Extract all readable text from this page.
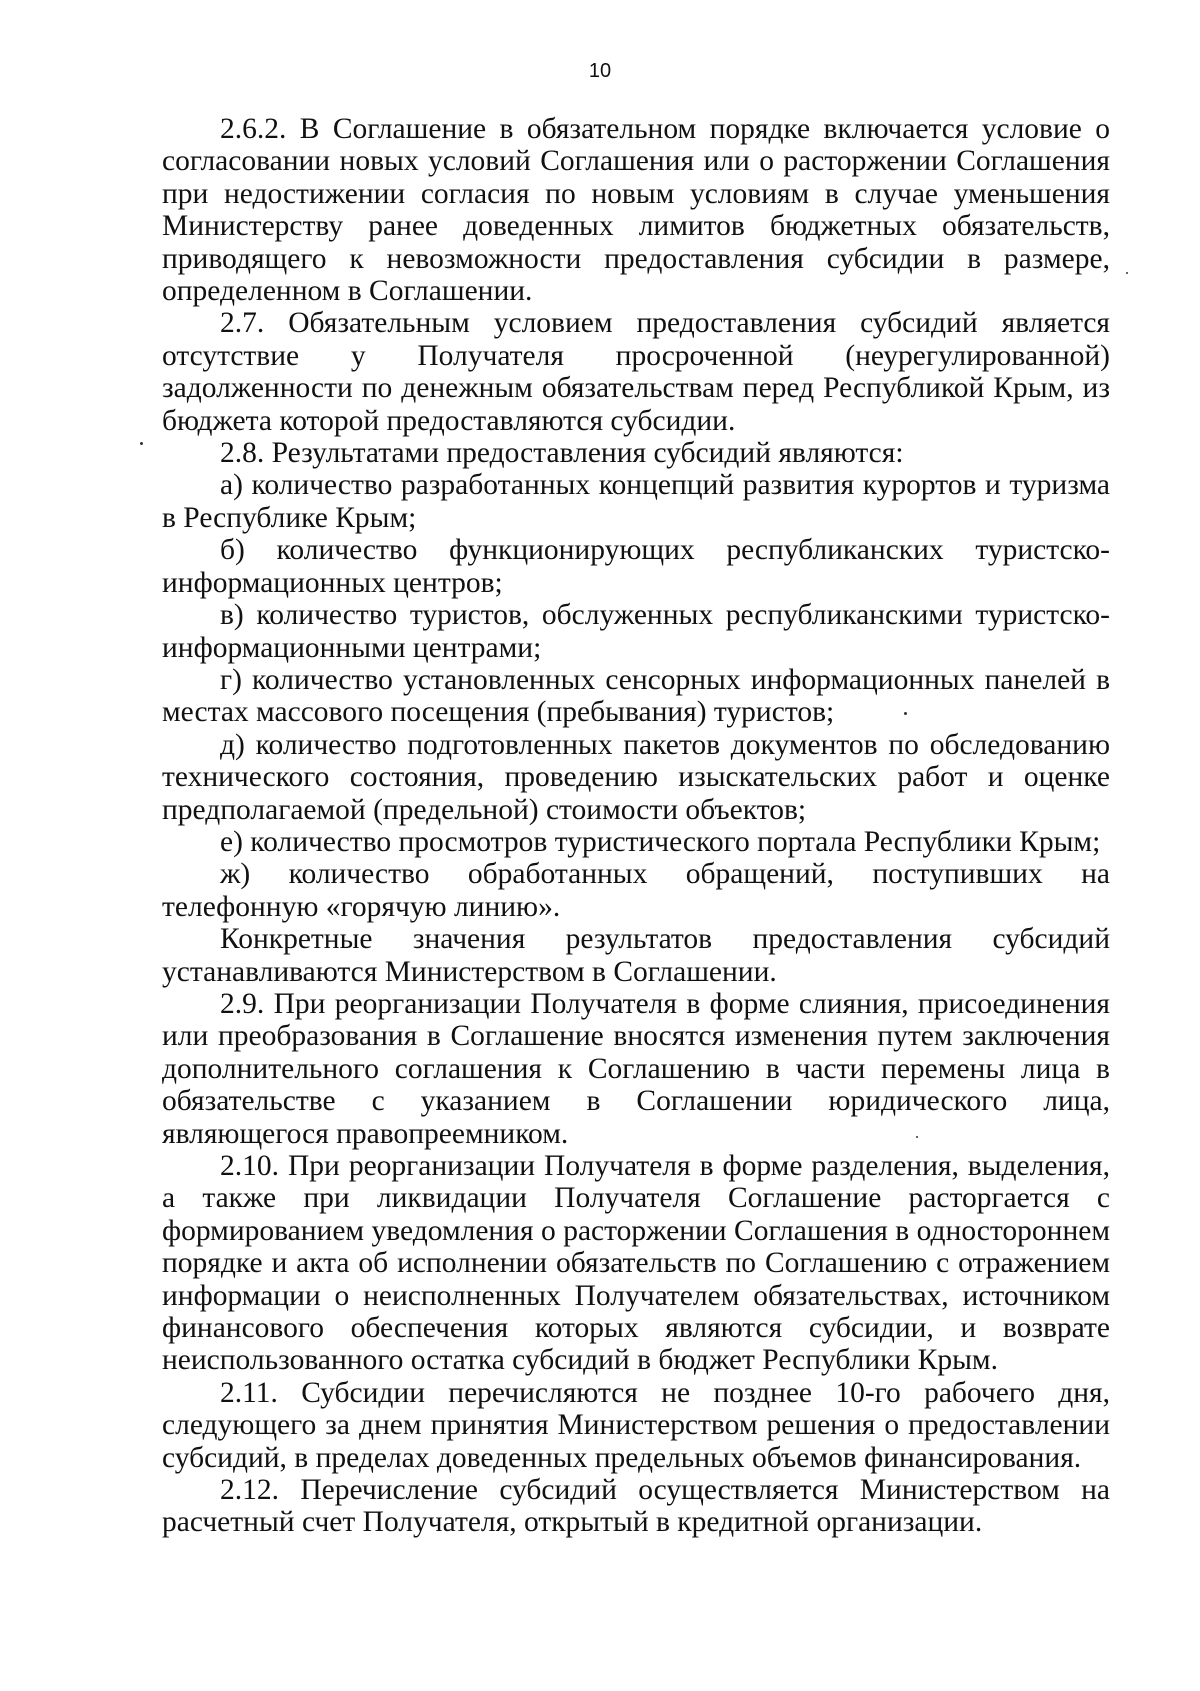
10

2.6.2. В Соглашение в обязательном порядке включается условие о согласовании новых условий Соглашения или о расторжении Соглашения при недостижении согласия по новым условиям в случае уменьшения Министерству ранее доведенных лимитов бюджетных обязательств, приводящего к невозможности предоставления субсидии в размере, определенном в Соглашении.

2.7. Обязательным условием предоставления субсидий является отсутствие у Получателя просроченной (неурегулированной) задолженности по денежным обязательствам перед Республикой Крым, из бюджета которой предоставляются субсидии.

2.8. Результатами предоставления субсидий являются:

а) количество разработанных концепций развития курортов и туризма в Республике Крым;

б) количество функционирующих республиканских туристско-информационных центров;

в) количество туристов, обслуженных республиканскими туристско-информационными центрами;

г) количество установленных сенсорных информационных панелей в местах массового посещения (пребывания) туристов;

д) количество подготовленных пакетов документов по обследованию технического состояния, проведению изыскательских работ и оценке предполагаемой (предельной) стоимости объектов;

е) количество просмотров туристического портала Республики Крым;

ж) количество обработанных обращений, поступивших на телефонную «горячую линию».

Конкретные значения результатов предоставления субсидий устанавливаются Министерством в Соглашении.

2.9. При реорганизации Получателя в форме слияния, присоединения или преобразования в Соглашение вносятся изменения путем заключения дополнительного соглашения к Соглашению в части перемены лица в обязательстве с указанием в Соглашении юридического лица, являющегося правопреемником.

2.10. При реорганизации Получателя в форме разделения, выделения, а также при ликвидации Получателя Соглашение расторгается с формированием уведомления о расторжении Соглашения в одностороннем порядке и акта об исполнении обязательств по Соглашению с отражением информации о неисполненных Получателем обязательствах, источником финансового обеспечения которых являются субсидии, и возврате неиспользованного остатка субсидий в бюджет Республики Крым.

2.11. Субсидии перечисляются не позднее 10-го рабочего дня, следующего за днем принятия Министерством решения о предоставлении субсидий, в пределах доведенных предельных объемов финансирования.

2.12. Перечисление субсидий осуществляется Министерством на расчетный счет Получателя, открытый в кредитной организации.
